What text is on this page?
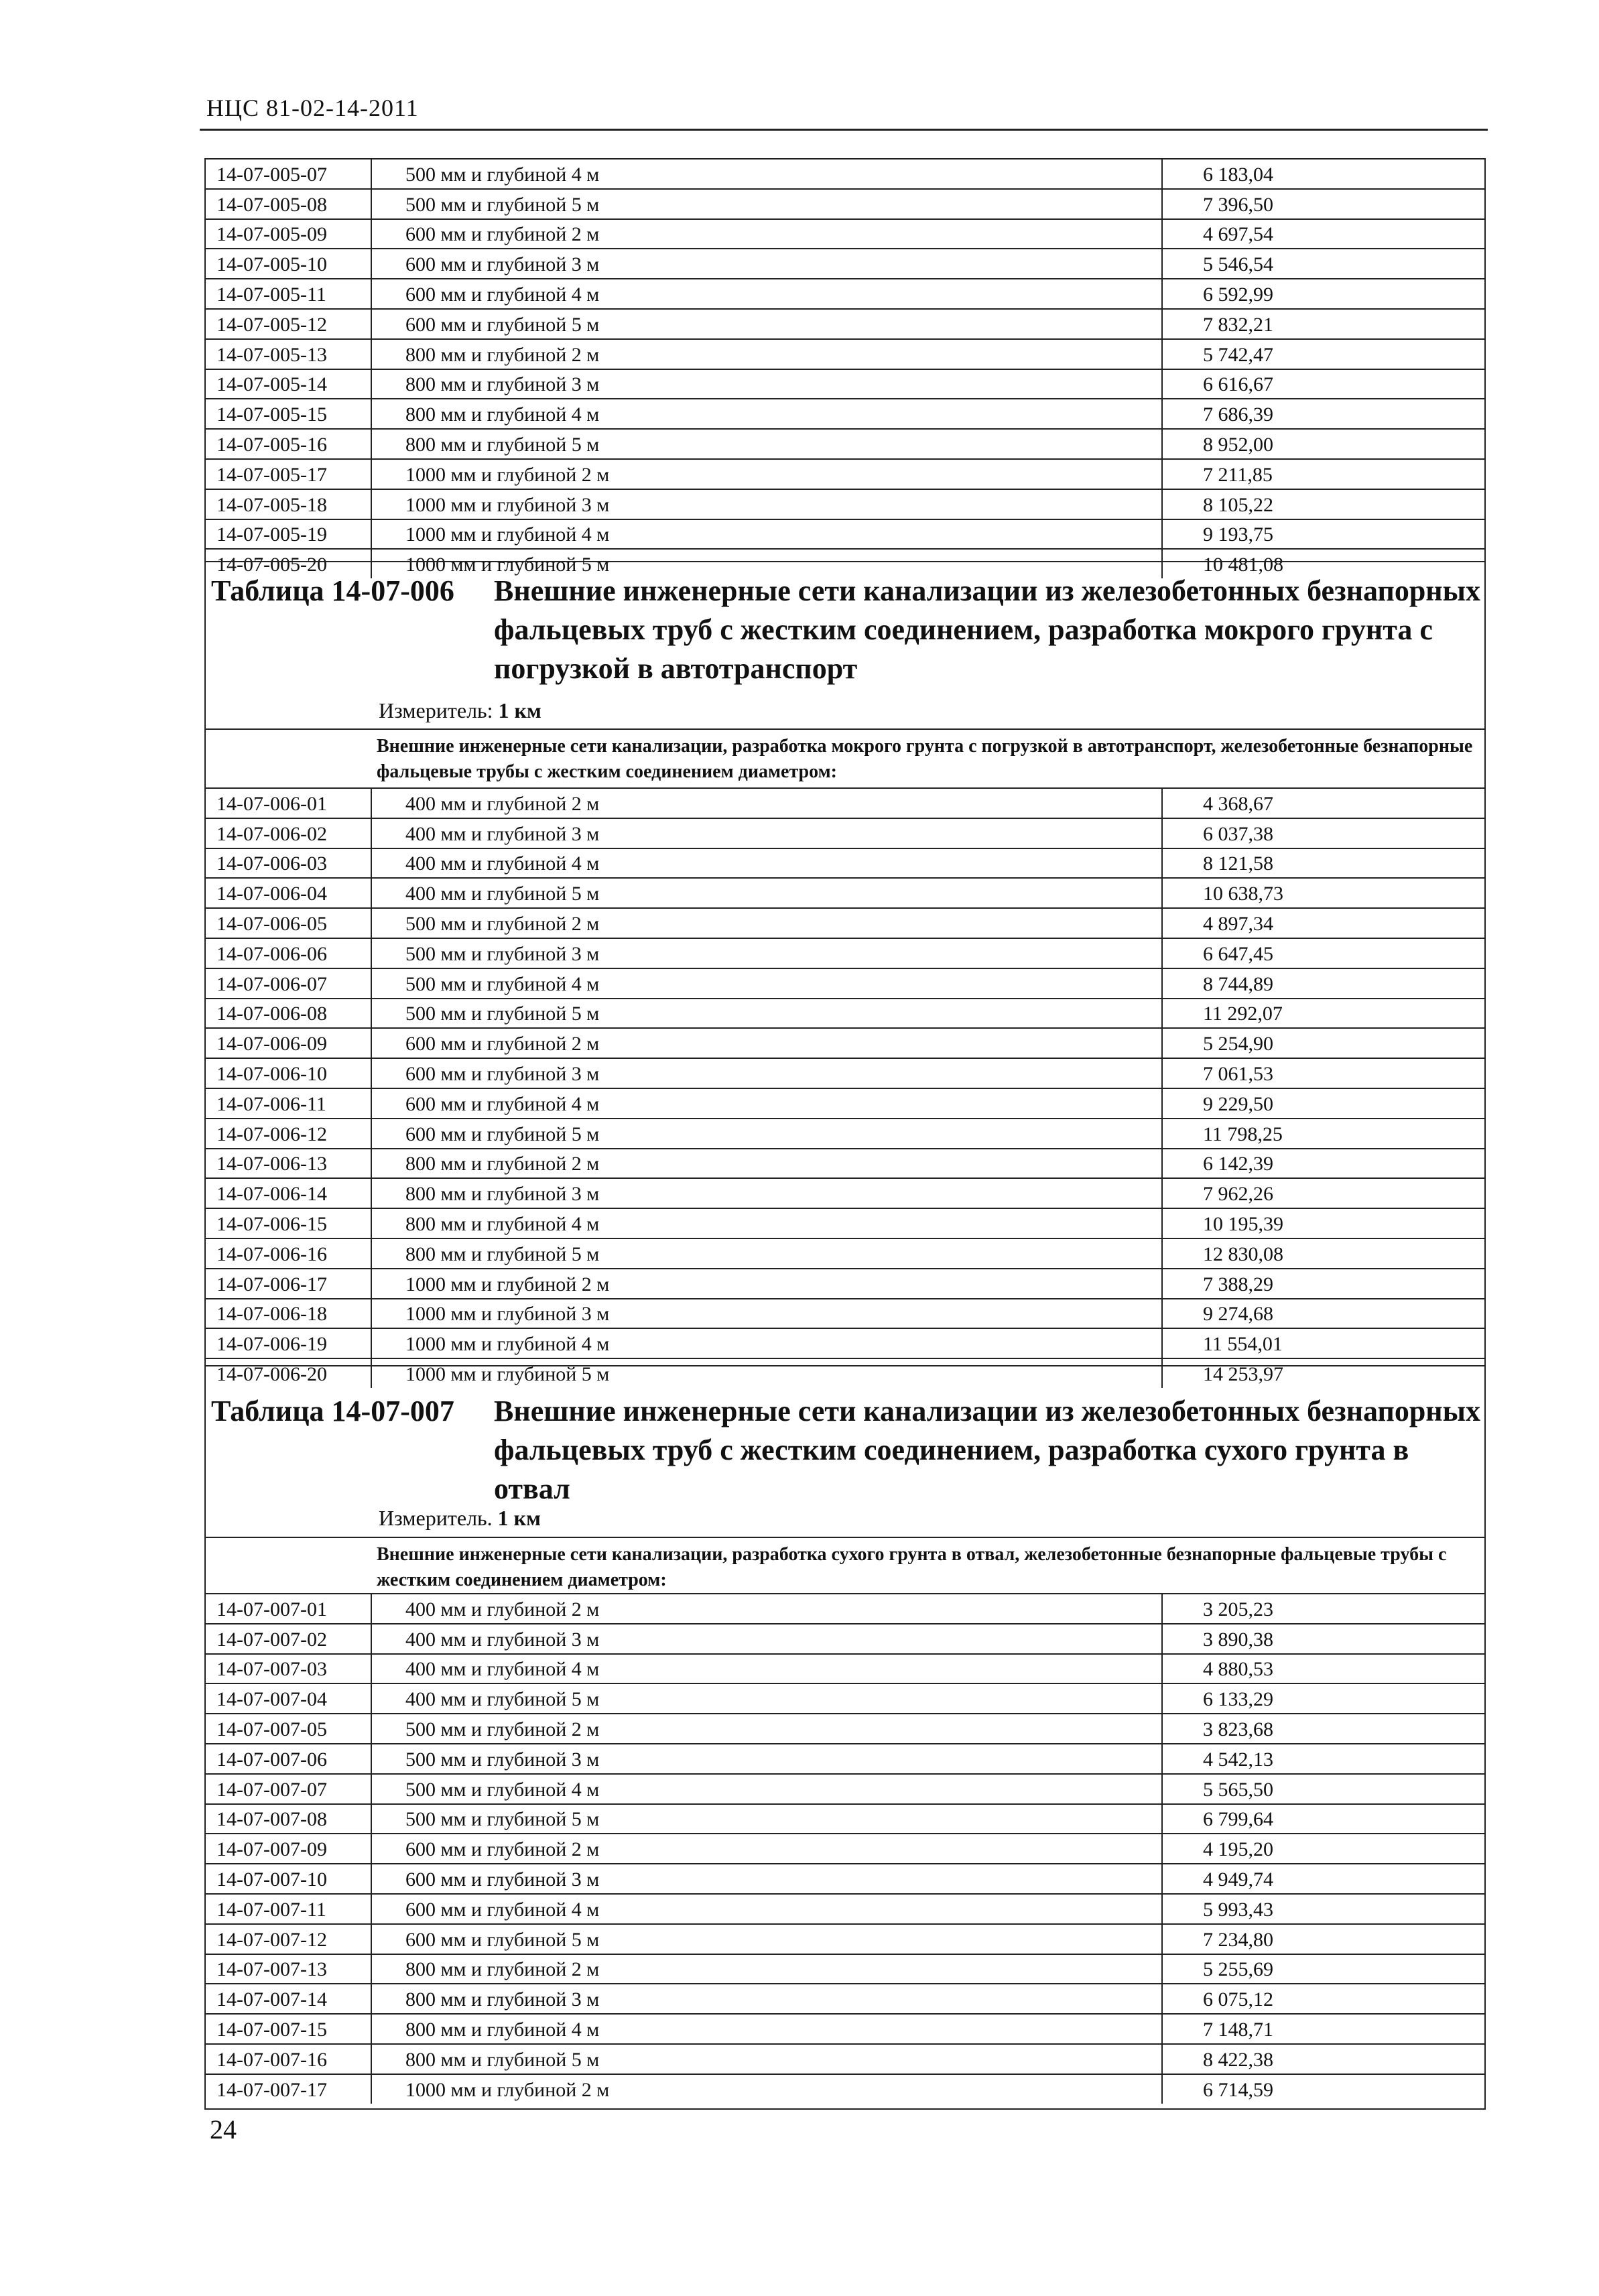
НЦС 81-02-14-2011
14-07-005-07	500 мм и глубиной 4 м	6 183,04
14-07-005-08	500 мм и глубиной 5 м	7 396,50
14-07-005-09	600 мм и глубиной 2 м	4 697,54
14-07-005-10	600 мм и глубиной 3 м	5 546,54
14-07-005-11	600 мм и глубиной 4 м	6 592,99
14-07-005-12	600 мм и глубиной 5 м	7 832,21
14-07-005-13	800 мм и глубиной 2 м	5 742,47
14-07-005-14	800 мм и глубиной 3 м	6 616,67
14-07-005-15	800 мм и глубиной 4 м	7 686,39
14-07-005-16	800 мм и глубиной 5 м	8 952,00
14-07-005-17	1000 мм и глубиной 2 м	7 211,85
14-07-005-18	1000 мм и глубиной 3 м	8 105,22
14-07-005-19	1000 мм и глубиной 4 м	9 193,75
14-07-005-20	1000 мм и глубиной 5 м	10 481,08
Таблица 14-07-006 Внешние инженерные сети канализации из железобетонных безнапорных фальцевых труб с жестким соединением, разработка мокрого грунта с погрузкой в автотранспорт
Измеритель: 1 км
Внешние инженерные сети канализации, разработка мокрого грунта с погрузкой в автотранспорт, железобетонные безнапорные фальцевые трубы с жестким соединением диаметром:
14-07-006-01	400 мм и глубиной 2 м	4 368,67
14-07-006-02	400 мм и глубиной 3 м	6 037,38
14-07-006-03	400 мм и глубиной 4 м	8 121,58
14-07-006-04	400 мм и глубиной 5 м	10 638,73
14-07-006-05	500 мм и глубиной 2 м	4 897,34
14-07-006-06	500 мм и глубиной 3 м	6 647,45
14-07-006-07	500 мм и глубиной 4 м	8 744,89
14-07-006-08	500 мм и глубиной 5 м	11 292,07
14-07-006-09	600 мм и глубиной 2 м	5 254,90
14-07-006-10	600 мм и глубиной 3 м	7 061,53
14-07-006-11	600 мм и глубиной 4 м	9 229,50
14-07-006-12	600 мм и глубиной 5 м	11 798,25
14-07-006-13	800 мм и глубиной 2 м	6 142,39
14-07-006-14	800 мм и глубиной 3 м	7 962,26
14-07-006-15	800 мм и глубиной 4 м	10 195,39
14-07-006-16	800 мм и глубиной 5 м	12 830,08
14-07-006-17	1000 мм и глубиной 2 м	7 388,29
14-07-006-18	1000 мм и глубиной 3 м	9 274,68
14-07-006-19	1000 мм и глубиной 4 м	11 554,01
14-07-006-20	1000 мм и глубиной 5 м	14 253,97
Таблица 14-07-007 Внешние инженерные сети канализации из железобетонных безнапорных фальцевых труб с жестким соединением, разработка сухого грунта в отвал
Измеритель. 1 км
Внешние инженерные сети канализации, разработка сухого грунта в отвал, железобетонные безнапорные фальцевые трубы с жестким соединением диаметром:
14-07-007-01	400 мм и глубиной 2 м	3 205,23
14-07-007-02	400 мм и глубиной 3 м	3 890,38
14-07-007-03	400 мм и глубиной 4 м	4 880,53
14-07-007-04	400 мм и глубиной 5 м	6 133,29
14-07-007-05	500 мм и глубиной 2 м	3 823,68
14-07-007-06	500 мм и глубиной 3 м	4 542,13
14-07-007-07	500 мм и глубиной 4 м	5 565,50
14-07-007-08	500 мм и глубиной 5 м	6 799,64
14-07-007-09	600 мм и глубиной 2 м	4 195,20
14-07-007-10	600 мм и глубиной 3 м	4 949,74
14-07-007-11	600 мм и глубиной 4 м	5 993,43
14-07-007-12	600 мм и глубиной 5 м	7 234,80
14-07-007-13	800 мм и глубиной 2 м	5 255,69
14-07-007-14	800 мм и глубиной 3 м	6 075,12
14-07-007-15	800 мм и глубиной 4 м	7 148,71
14-07-007-16	800 мм и глубиной 5 м	8 422,38
14-07-007-17	1000 мм и глубиной 2 м	6 714,59
24
